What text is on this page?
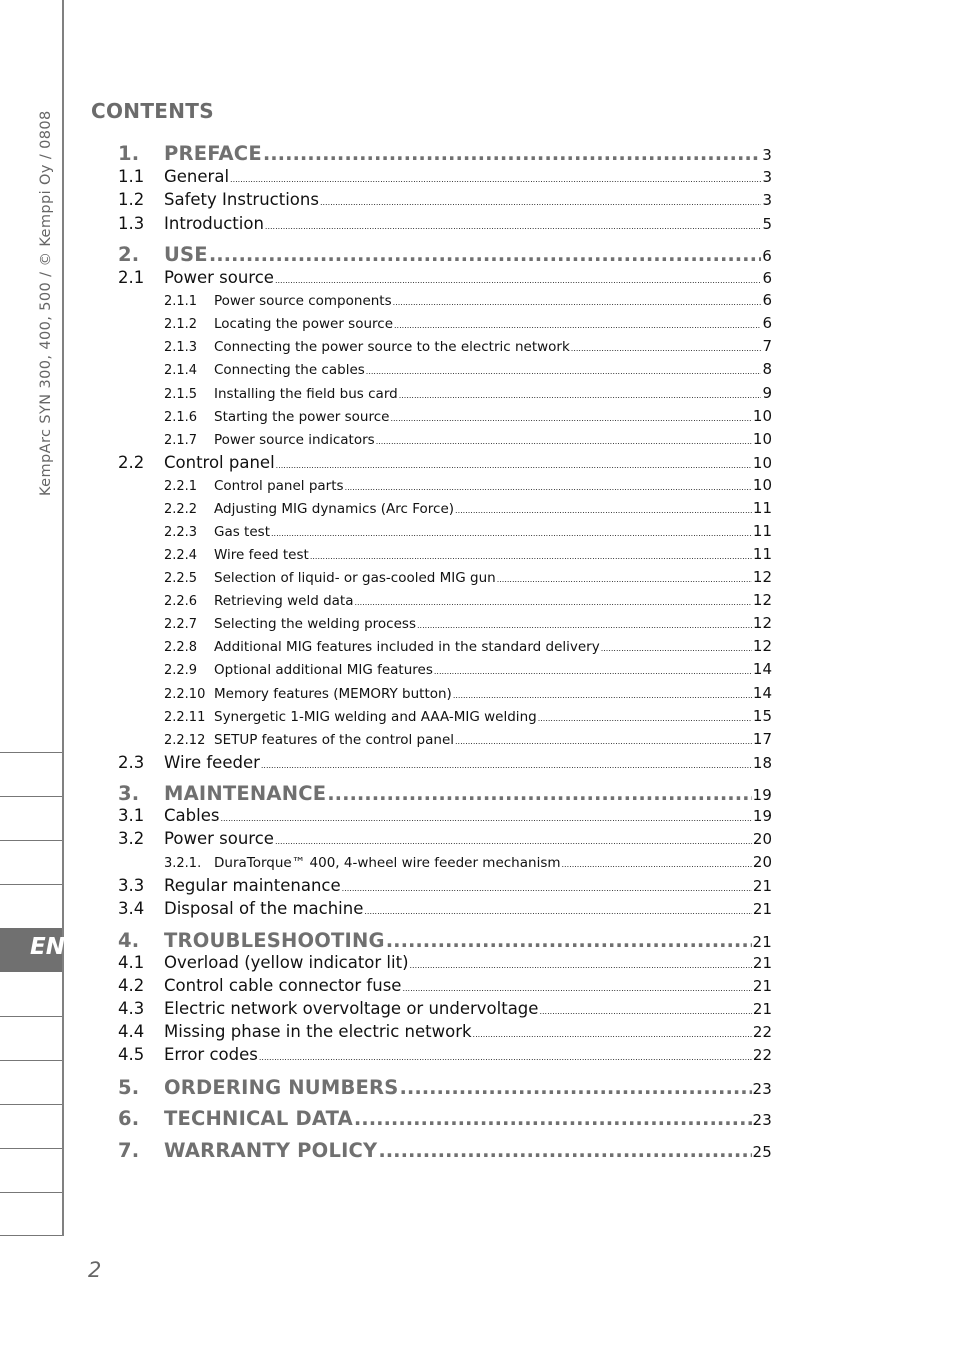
KempArc SYN 300, 400, 500 / © Kemppi Oy / 0808
EN
CONTENTS
1.	PREFACE .....	3
1.1	General .....	3
1.2	Safety Instructions .....	3
1.3	Introduction .....	5
2.	USE .....	6
2.1	Power source .....	6
2.1.1	Power source components .....	6
2.1.2	Locating the power source .....	6
2.1.3	Connecting the power source to the electric network .....	7
2.1.4	Connecting the cables .....	8
2.1.5	Installing the field bus card .....	9
2.1.6	Starting the power source .....	10
2.1.7	Power source indicators .....	10
2.2	Control panel .....	10
2.2.1	Control panel parts .....	10
2.2.2	Adjusting MIG dynamics (Arc Force) .....	11
2.2.3	Gas test .....	11
2.2.4	Wire feed test .....	11
2.2.5	Selection of liquid- or gas-cooled MIG gun .....	12
2.2.6	Retrieving weld data .....	12
2.2.7	Selecting the welding process .....	12
2.2.8	Additional MIG features included in the standard delivery .....	12
2.2.9	Optional additional MIG features .....	14
2.2.10 Memory features (MEMORY button) .....	14
2.2.11 Synergetic 1-MIG welding and AAA-MIG welding .....	15
2.2.12 SETUP features of the control panel .....	17
2.3	Wire feeder .....	18
3.	MAINTENANCE .....	19
3.1	Cables .....	19
3.2	Power source .....	20
3.2.1. DuraTorque™ 400, 4-wheel wire feeder mechanism .....	20
3.3	Regular maintenance .....	21
3.4	Disposal of the machine .....	21
4.	TROUBLESHOOTING .....	21
4.1	Overload (yellow indicator lit) .....	21
4.2	Control cable connector fuse .....	21
4.3	Electric network overvoltage or undervoltage .....	21
4.4	Missing phase in the electric network .....	22
4.5	Error codes .....	22
5.	ORDERING NUMBERS .....	23
6.	TECHNICAL DATA .....	23
7.	WARRANTY POLICY .....	25
2
